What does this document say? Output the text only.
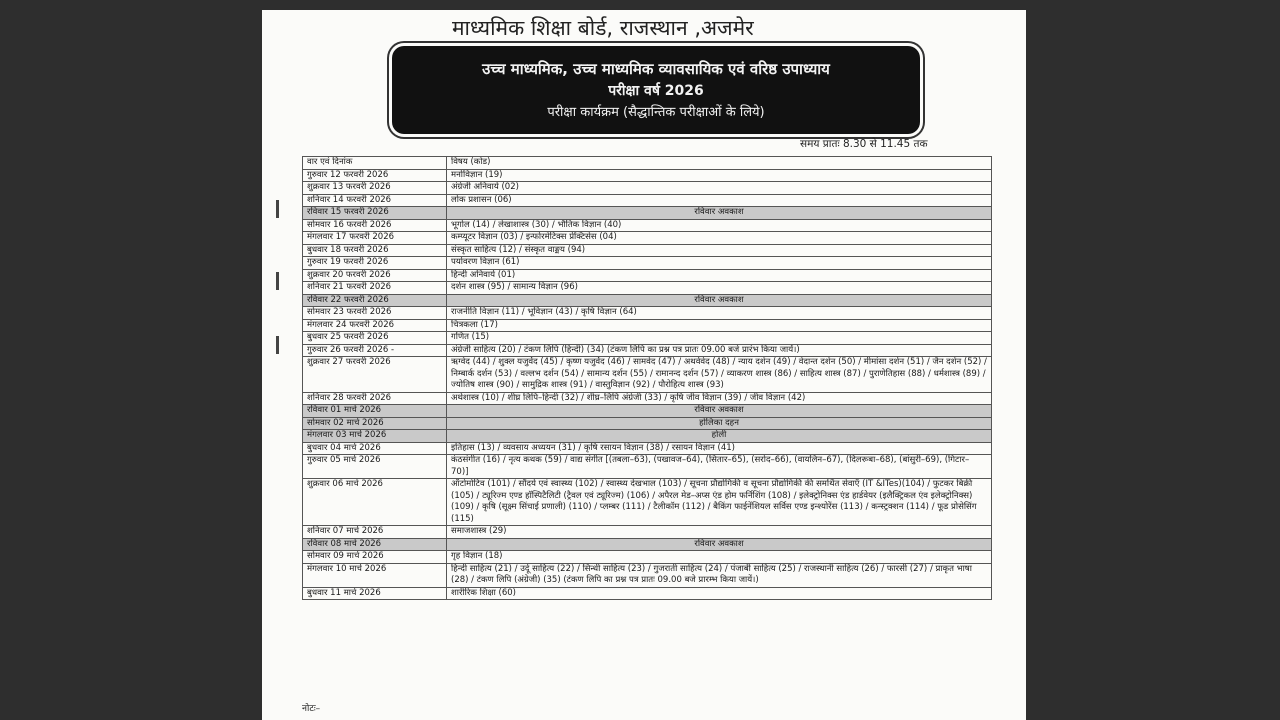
माध्यमिक शिक्षा बोर्ड, राजस्थान ,अजमेर
उच्च माध्यमिक, उच्च माध्यमिक व्यावसायिक एवं वरिष्ठ उपाध्याय
परीक्षा वर्ष 2026
परीक्षा कार्यक्रम (सैद्धान्तिक परीक्षाओं के लिये)
समय प्रातः 8.30 से 11.45 तक
वार एवं दिनांक	विषय (कोड)
गुरुवार 12 फरवरी 2026	मनोविज्ञान (19)
शुक्रवार 13 फरवरी 2026	अंग्रेजी अनिवार्य (02)
शनिवार 14 फरवरी 2026	लोक प्रशासन (06)
रविवार 15 फरवरी 2026	रविवार अवकाश
सोमवार 16 फरवरी 2026	भूगोल (14) / लेखाशास्त्र (30) / भौतिक विज्ञान (40)
मंगलवार 17 फरवरी 2026	कम्प्यूटर विज्ञान (03) / इन्फोरमेटिक्स प्रेक्टिसेस (04)
बुधवार 18 फरवरी 2026	संस्कृत साहित्य (12) / संस्कृत वाङ्मय (94)
गुरुवार 19 फरवरी 2026	पर्यावरण विज्ञान (61)
शुक्रवार 20 फरवरी 2026	हिन्दी अनिवार्य (01)
शनिवार 21 फरवरी 2026	दर्शन शास्त्र (95) / सामान्य विज्ञान (96)
रविवार 22 फरवरी 2026	रविवार अवकाश
सोमवार 23 फरवरी 2026	राजनीति विज्ञान (11) / भूविज्ञान (43) / कृषि विज्ञान (64)
मंगलवार 24 फरवरी 2026	चित्रकला (17)
बुधवार 25 फरवरी 2026	गणित (15)
गुरुवार 26 फरवरी 2026 -	अंग्रेजी साहित्य (20) / टंकण लिपि (हिन्दी) (34) (टंकण लिपि का प्रश्न पत्र प्रातः 09.00 बजे प्रारंभ किया जायें।)
शुक्रवार 27 फरवरी 2026	ऋग्वेद (44) / शुक्ल यजुर्वेद (45) / कृष्ण यजुर्वेद (46) / सामवेद (47) / अथर्ववेद (48) / न्याय दर्शन (49) / वेदान्त दर्शन (50) / मीमांसा दर्शन (51) / जैन दर्शन (52) / निम्बार्क दर्शन (53) / वल्लभ दर्शन (54) / सामान्य दर्शन (55) / रामानन्द दर्शन (57) / व्याकरण शास्त्र (86) / साहित्य शास्त्र (87) / पुराणेतिहास (88) / धर्मशास्त्र (89) / ज्योतिष शास्त्र (90) / सामुद्रिक शास्त्र (91) / वास्तुविज्ञान (92) / पौरोहित्य शास्त्र (93)
शनिवार 28 फरवरी 2026	अर्थशास्त्र (10) / शीघ्र लिपि–हिन्दी (32) / शीघ्र–लिपि अंग्रेजी (33) / कृषि जीव विज्ञान (39) / जीव विज्ञान (42)
रविवार 01 मार्च 2026	रविवार अवकाश
सोमवार 02 मार्च 2026	होलिका दहन
मंगलवार 03 मार्च 2026	होली
बुधवार 04 मार्च 2026	इतिहास (13) / व्यवसाय अध्ययन (31) / कृषि रसायन विज्ञान (38) / रसायन विज्ञान (41)
गुरुवार 05 मार्च 2026	कंठसंगीत (16) / नृत्य कथक (59) / वाद्य संगीत [(तबला–63), (पखावज–64), (सितार–65), (सरोद–66), (वायलिन–67), (दिलरूबा–68), (बांसुरी–69), (गिटार– 70)]
शुक्रवार 06 मार्च 2026	ऑटोमोटिव (101) / सौंदर्य एवं स्वास्थ्य (102) / स्वास्थ्य देखभाल (103) / सूचना प्रौद्योगिकी व सूचना प्रौद्योगिकी की समर्थित सेवाएँ (IT &ITes)(104) / फुटकर बिक्री (105) / ट्यूरिज्म एण्ड हॉस्पिटैलिटी (ट्रैवल एवं ट्यूरिज्म) (106) / अपैरल मेड–अप्स एंड होम फर्निशिंग (108) / इलेक्ट्रोनिक्स एंड हार्डवेयर (इलैक्ट्रिकल एंव इलेक्ट्रोनिक्स) (109) / कृषि (सूक्ष्म सिंचाई प्रणाली) (110) / प्लम्बर (111) / टैलीकॉम (112) / बैकिंग फाईनेंशियल सर्विस एण्ड इन्श्योरेंस (113) / कन्स्ट्रक्शन (114) / फूड प्रोसेसिंग (115)
शनिवार 07 मार्च 2026	समाजशास्त्र (29)
रविवार 08 मार्च 2026	रविवार अवकाश
सोमवार 09 मार्च 2026	गृह विज्ञान (18)
मंगलवार 10 मार्च 2026	हिन्दी साहित्य (21) / उर्दू साहित्य (22) / सिन्धी साहित्य (23) / गुजराती साहित्य (24) / पंजाबी साहित्य (25) / राजस्थानी साहित्य (26) / फारसी (27) / प्राकृत भाषा (28) / टंकण लिपि (अंग्रेजी) (35) (टंकण लिपि का प्रश्न पत्र प्रातः 09.00 बजे प्रारम्भ किया जायें।)
बुधवार 11 मार्च 2026	शारीरिक शिक्षा (60)
नोटः–
